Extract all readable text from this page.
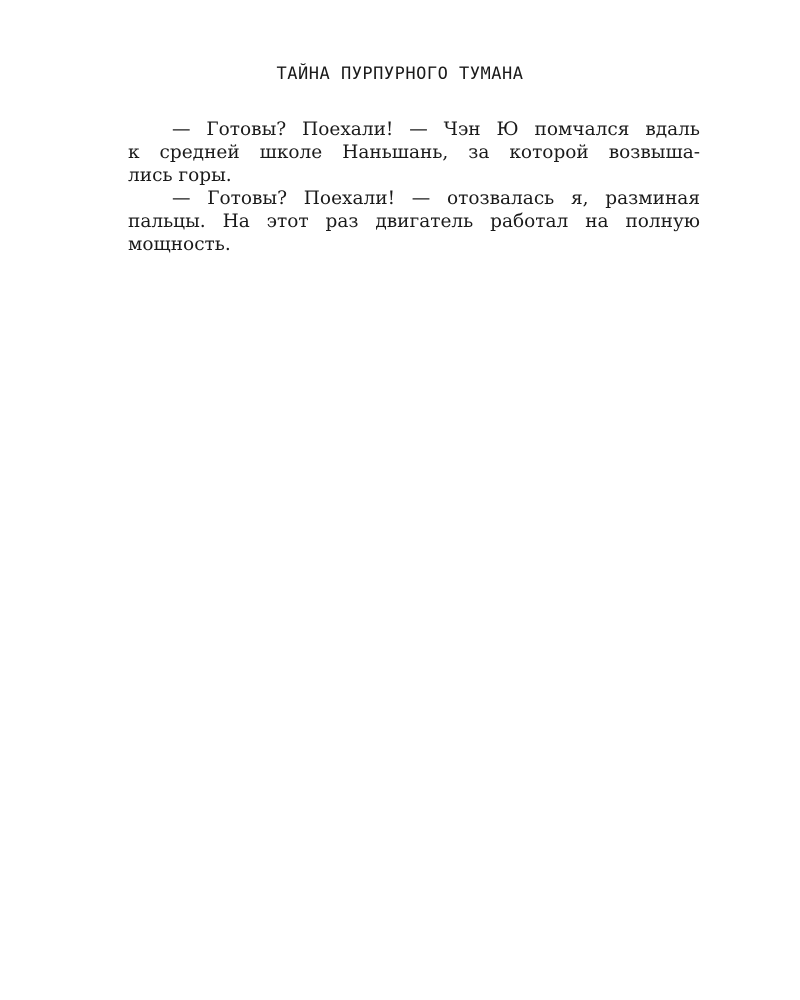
ТАЙНА ПУРПУРНОГО ТУМАНА
— Готовы? Поехали! — Чэн Ю помчался вдаль
к средней школе Наньшань, за которой возвыша-
лись горы.
— Готовы? Поехали! — отозвалась я, разминая
пальцы. На этот раз двигатель работал на полную
мощность.
